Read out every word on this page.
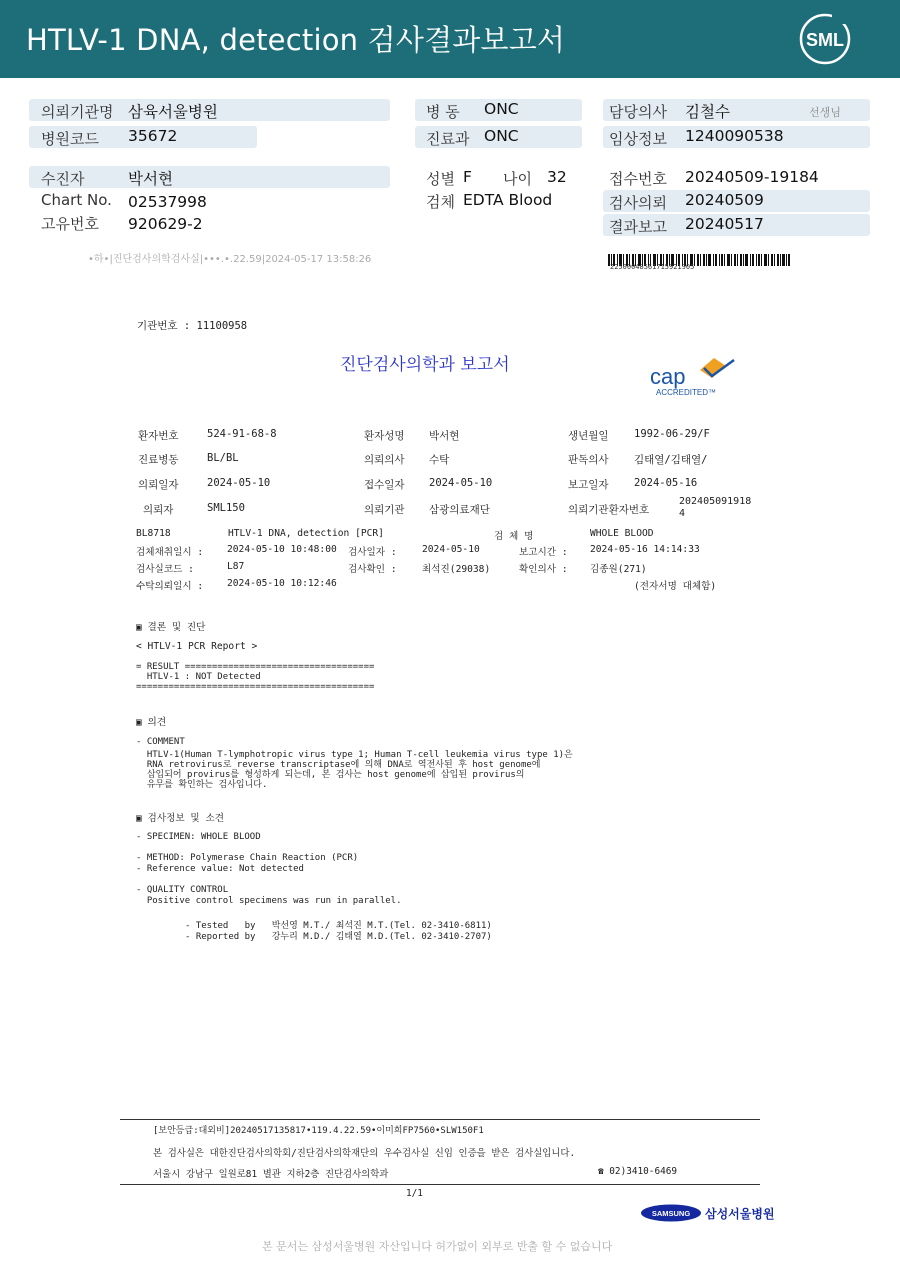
HTLV-1 DNA, detection 검사결과보고서	SML
의뢰기관명 삼육서울병원
병원코드 35672
병 동 ONC
진료과 ONC
담당의사 김철수	선생님
임상정보 1240090538
수진자	박서현
Chart No. 02537998
고유번호 920629-2
성별 F 나이 32
검체 EDTA Blood
접수번호 20240509-19184
검사의뢰 20240509
결과보고 20240517
•하•|진단검사의학검사실|•••.•.22.59|2024-05-17 13:58:26
22500048561715921905
기관번호 : 11100958
진단검사의학과 보고서	cap
ACCREDITED™
환자번호	524-91-68-8	환자성명 박서현	생년월일 1992-06-29/F
진료병동	BL/BL	의뢰의사 수탁	판독의사 김태열/김태열/
의뢰일자	2024-05-10	접수일자 2024-05-10	보고일자 2024-05-16
의뢰자	SML150	의뢰기관 삼광의료재단	의뢰기관환자번호
202405091918
4
BL8718	HTLV-1 DNA, detection [PCR]	검 체 명	WHOLE BLOOD
검체채취일시 : 2024-05-10 10:48:00 검사일자 :	2024-05-10	보고시간 : 2024-05-16 14:14:33
검사실코드 :	L87	검사확인 :	최석진(29038)	확인의사 : 김종원(271)
수탁의뢰일시 : 2024-05-10 10:12:46	(전자서명 대체함)
▣ 결론 및 진단
< HTLV-1 PCR Report >
= RESULT ===================================
HTLV-1 : NOT Detected
============================================
▣ 의견
- COMMENT
HTLV-1(Human T-lymphotropic virus type 1; Human T-cell leukemia virus type 1)은
RNA retrovirus로 reverse transcriptase에 의해 DNA로 역전사된 후 host genome에
삽입되어 provirus를 형성하게 되는데, 본 검사는 host genome에 삽입된 provirus의
유무를 확인하는 검사입니다.
▣ 검사정보 및 소견
- SPECIMEN: WHOLE BLOOD
- METHOD: Polymerase Chain Reaction (PCR)
- Reference value: Not detected
- QUALITY CONTROL
Positive control specimens was run in parallel.
- Tested   by   박선영 M.T./ 최석진 M.T.(Tel. 02-3410-6811)
- Reported by   강누리 M.D./ 김태열 M.D.(Tel. 02-3410-2707)
[보안등급:대외비]20240517135817•119.4.22.59•이미희FP7560•SLW150F1
본 검사실은 대한진단검사의학회/진단검사의학재단의 우수검사실 신임 인증을 받은 검사실입니다.
서울시 강남구 일원로81 별관 지하2층 진단검사의학과	☎ 02)3410-6469
1/1
SAMSUNG 삼성서울병원
본 문서는 삼성서울병원 자산입니다 허가없이 외부로 반출 할 수 없습니다
